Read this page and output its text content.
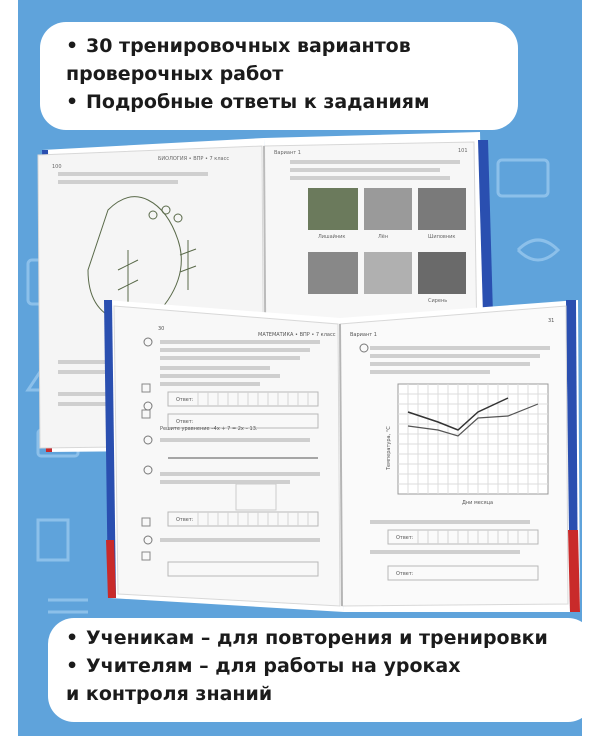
100
БИОЛОГИЯ • ВПР • 7 класс
Вариант 1	101
Лишайник	Лён	Шиповник
Сирень
30
МАТЕМАТИКА • ВПР • 7 класс	Вариант 1
31
Ответ:
Ответ:
Решите уравнение –4x + 7 = 2x – 13.
Ответ:
Ответ:
Ответ:
Дни месяца
Температура, °С
• 30 тренировочных вариантов
проверочных работ
• Подробные ответы к заданиям
• Ученикам – для повторения и тренировки
• Учителям – для работы на уроках
и контроля знаний
